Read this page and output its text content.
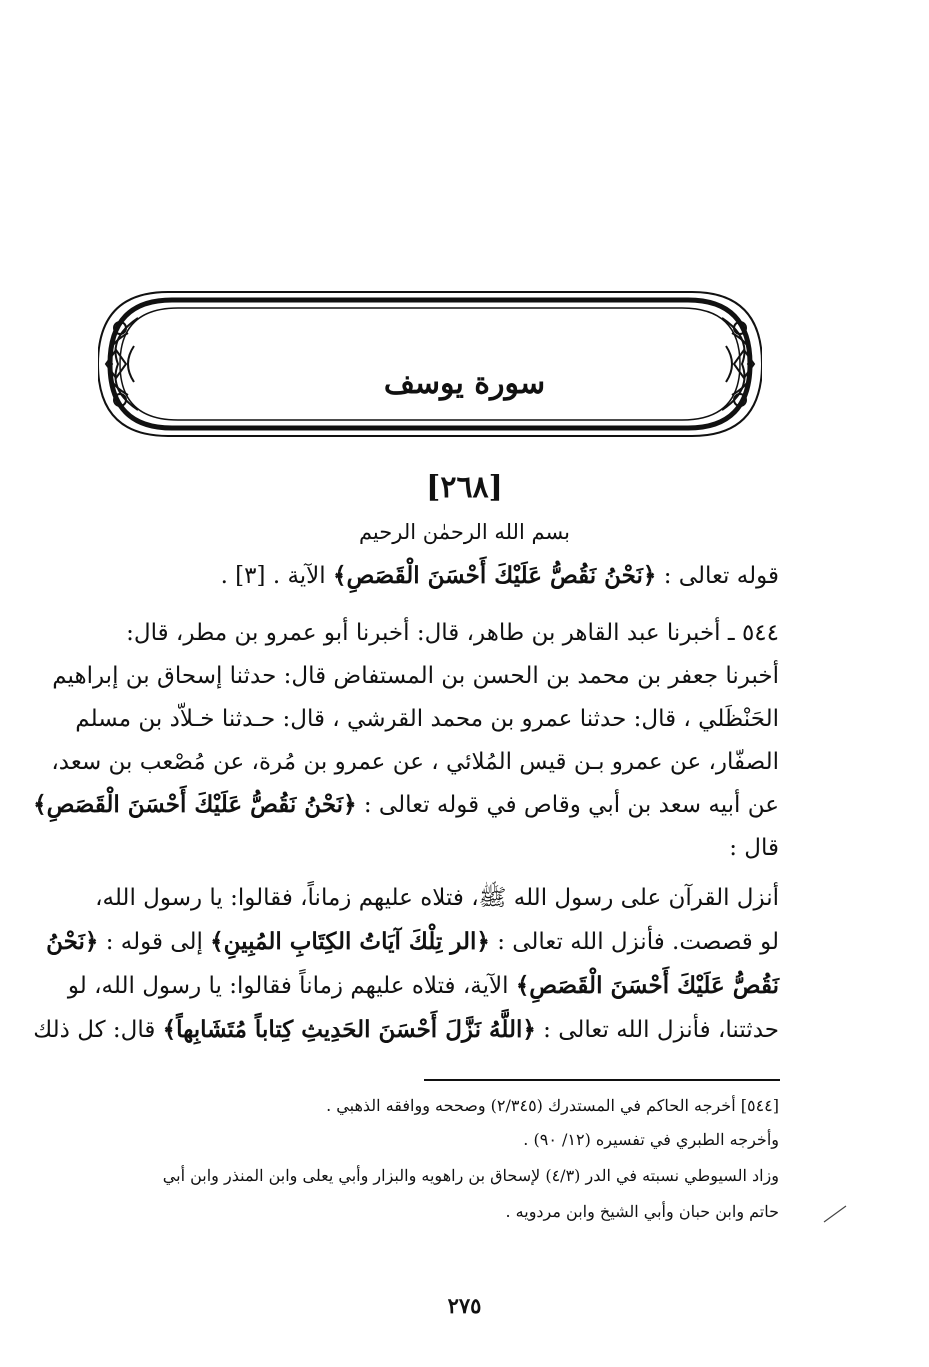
سورة يوسف
[٢٦٨]
بسم الله الرحمٰن الرحيم
قوله تعالى : ﴿نَحْنُ نَقُصُّ عَلَيْكَ أَحْسَنَ الْقَصَصِ﴾ الآية . [٣] .
٥٤٤ ـ أخبرنا عبد القاهر بن طاهر، قال: أخبرنا أبو عمرو بن مطر، قال:
أخبرنا جعفر بن محمد بن الحسن بن المستفاض قال: حدثنا إسحاق بن إبراهيم
الحَنْظَلي ، قال: حدثنا عمرو بن محمد القرشي ، قال: حـدثنا خـلاّد بن مسلم
الصفّار، عن عمرو بـن قيس المُلائي ، عن عمرو بن مُرة، عن مُصْعب بن سعد،
عن أبيه سعد بن أبي وقاص في قوله تعالى : ﴿نَحْنُ نَقُصُّ عَلَيْكَ أَحْسَنَ الْقَصَصِ﴾
قال :
أنزل القرآن على رسول الله ﷺ، فتلاه عليهم زماناً، فقالوا: يا رسول الله،
لو قصصت. فأنزل الله تعالى : ﴿الر تِلْكَ آيَاتُ الكِتَابِ المُبِينِ﴾ إلى قوله : ﴿نَحْنُ
نَقُصُّ عَلَيْكَ أَحْسَنَ الْقَصَصِ﴾ الآية، فتلاه عليهم زماناً فقالوا: يا رسول الله، لو
حدثتنا، فأنزل الله تعالى : ﴿اللَّهُ نَزَّلَ أَحْسَنَ الحَدِيثِ كِتاباً مُتَشَابِهاً﴾ قال: كل ذلك
[٥٤٤] أخرجه الحاكم في المستدرك (٢/٣٤٥) وصححه ووافقه الذهبي .
وأخرجه الطبري في تفسيره (١٢/ ٩٠) .
وزاد السيوطي نسبته في الدر (٤/٣) لإسحاق بن راهويه والبزار وأبي يعلى وابن المنذر وابن أبي
حاتم وابن حبان وأبي الشيخ وابن مردويه .
٢٧٥
